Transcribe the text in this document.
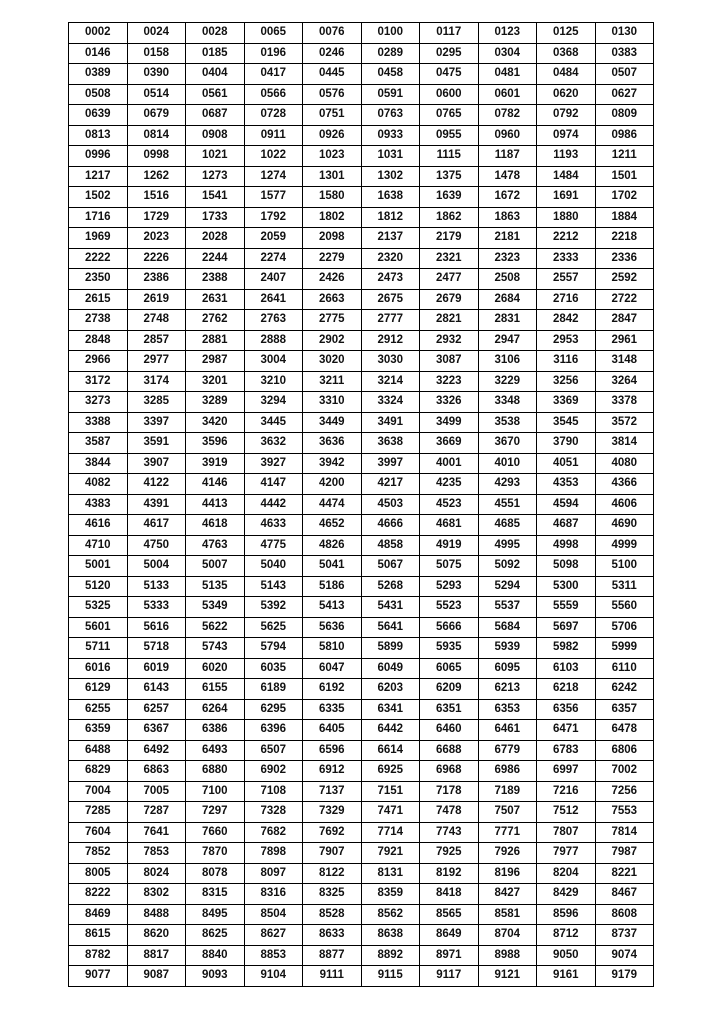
0002	0024	0028	0065	0076	0100	0117	0123	0125	0130
0146	0158	0185	0196	0246	0289	0295	0304	0368	0383
0389	0390	0404	0417	0445	0458	0475	0481	0484	0507
0508	0514	0561	0566	0576	0591	0600	0601	0620	0627
0639	0679	0687	0728	0751	0763	0765	0782	0792	0809
0813	0814	0908	0911	0926	0933	0955	0960	0974	0986
0996	0998	1021	1022	1023	1031	1115	1187	1193	1211
1217	1262	1273	1274	1301	1302	1375	1478	1484	1501
1502	1516	1541	1577	1580	1638	1639	1672	1691	1702
1716	1729	1733	1792	1802	1812	1862	1863	1880	1884
1969	2023	2028	2059	2098	2137	2179	2181	2212	2218
2222	2226	2244	2274	2279	2320	2321	2323	2333	2336
2350	2386	2388	2407	2426	2473	2477	2508	2557	2592
2615	2619	2631	2641	2663	2675	2679	2684	2716	2722
2738	2748	2762	2763	2775	2777	2821	2831	2842	2847
2848	2857	2881	2888	2902	2912	2932	2947	2953	2961
2966	2977	2987	3004	3020	3030	3087	3106	3116	3148
3172	3174	3201	3210	3211	3214	3223	3229	3256	3264
3273	3285	3289	3294	3310	3324	3326	3348	3369	3378
3388	3397	3420	3445	3449	3491	3499	3538	3545	3572
3587	3591	3596	3632	3636	3638	3669	3670	3790	3814
3844	3907	3919	3927	3942	3997	4001	4010	4051	4080
4082	4122	4146	4147	4200	4217	4235	4293	4353	4366
4383	4391	4413	4442	4474	4503	4523	4551	4594	4606
4616	4617	4618	4633	4652	4666	4681	4685	4687	4690
4710	4750	4763	4775	4826	4858	4919	4995	4998	4999
5001	5004	5007	5040	5041	5067	5075	5092	5098	5100
5120	5133	5135	5143	5186	5268	5293	5294	5300	5311
5325	5333	5349	5392	5413	5431	5523	5537	5559	5560
5601	5616	5622	5625	5636	5641	5666	5684	5697	5706
5711	5718	5743	5794	5810	5899	5935	5939	5982	5999
6016	6019	6020	6035	6047	6049	6065	6095	6103	6110
6129	6143	6155	6189	6192	6203	6209	6213	6218	6242
6255	6257	6264	6295	6335	6341	6351	6353	6356	6357
6359	6367	6386	6396	6405	6442	6460	6461	6471	6478
6488	6492	6493	6507	6596	6614	6688	6779	6783	6806
6829	6863	6880	6902	6912	6925	6968	6986	6997	7002
7004	7005	7100	7108	7137	7151	7178	7189	7216	7256
7285	7287	7297	7328	7329	7471	7478	7507	7512	7553
7604	7641	7660	7682	7692	7714	7743	7771	7807	7814
7852	7853	7870	7898	7907	7921	7925	7926	7977	7987
8005	8024	8078	8097	8122	8131	8192	8196	8204	8221
8222	8302	8315	8316	8325	8359	8418	8427	8429	8467
8469	8488	8495	8504	8528	8562	8565	8581	8596	8608
8615	8620	8625	8627	8633	8638	8649	8704	8712	8737
8782	8817	8840	8853	8877	8892	8971	8988	9050	9074
9077	9087	9093	9104	9111	9115	9117	9121	9161	9179
